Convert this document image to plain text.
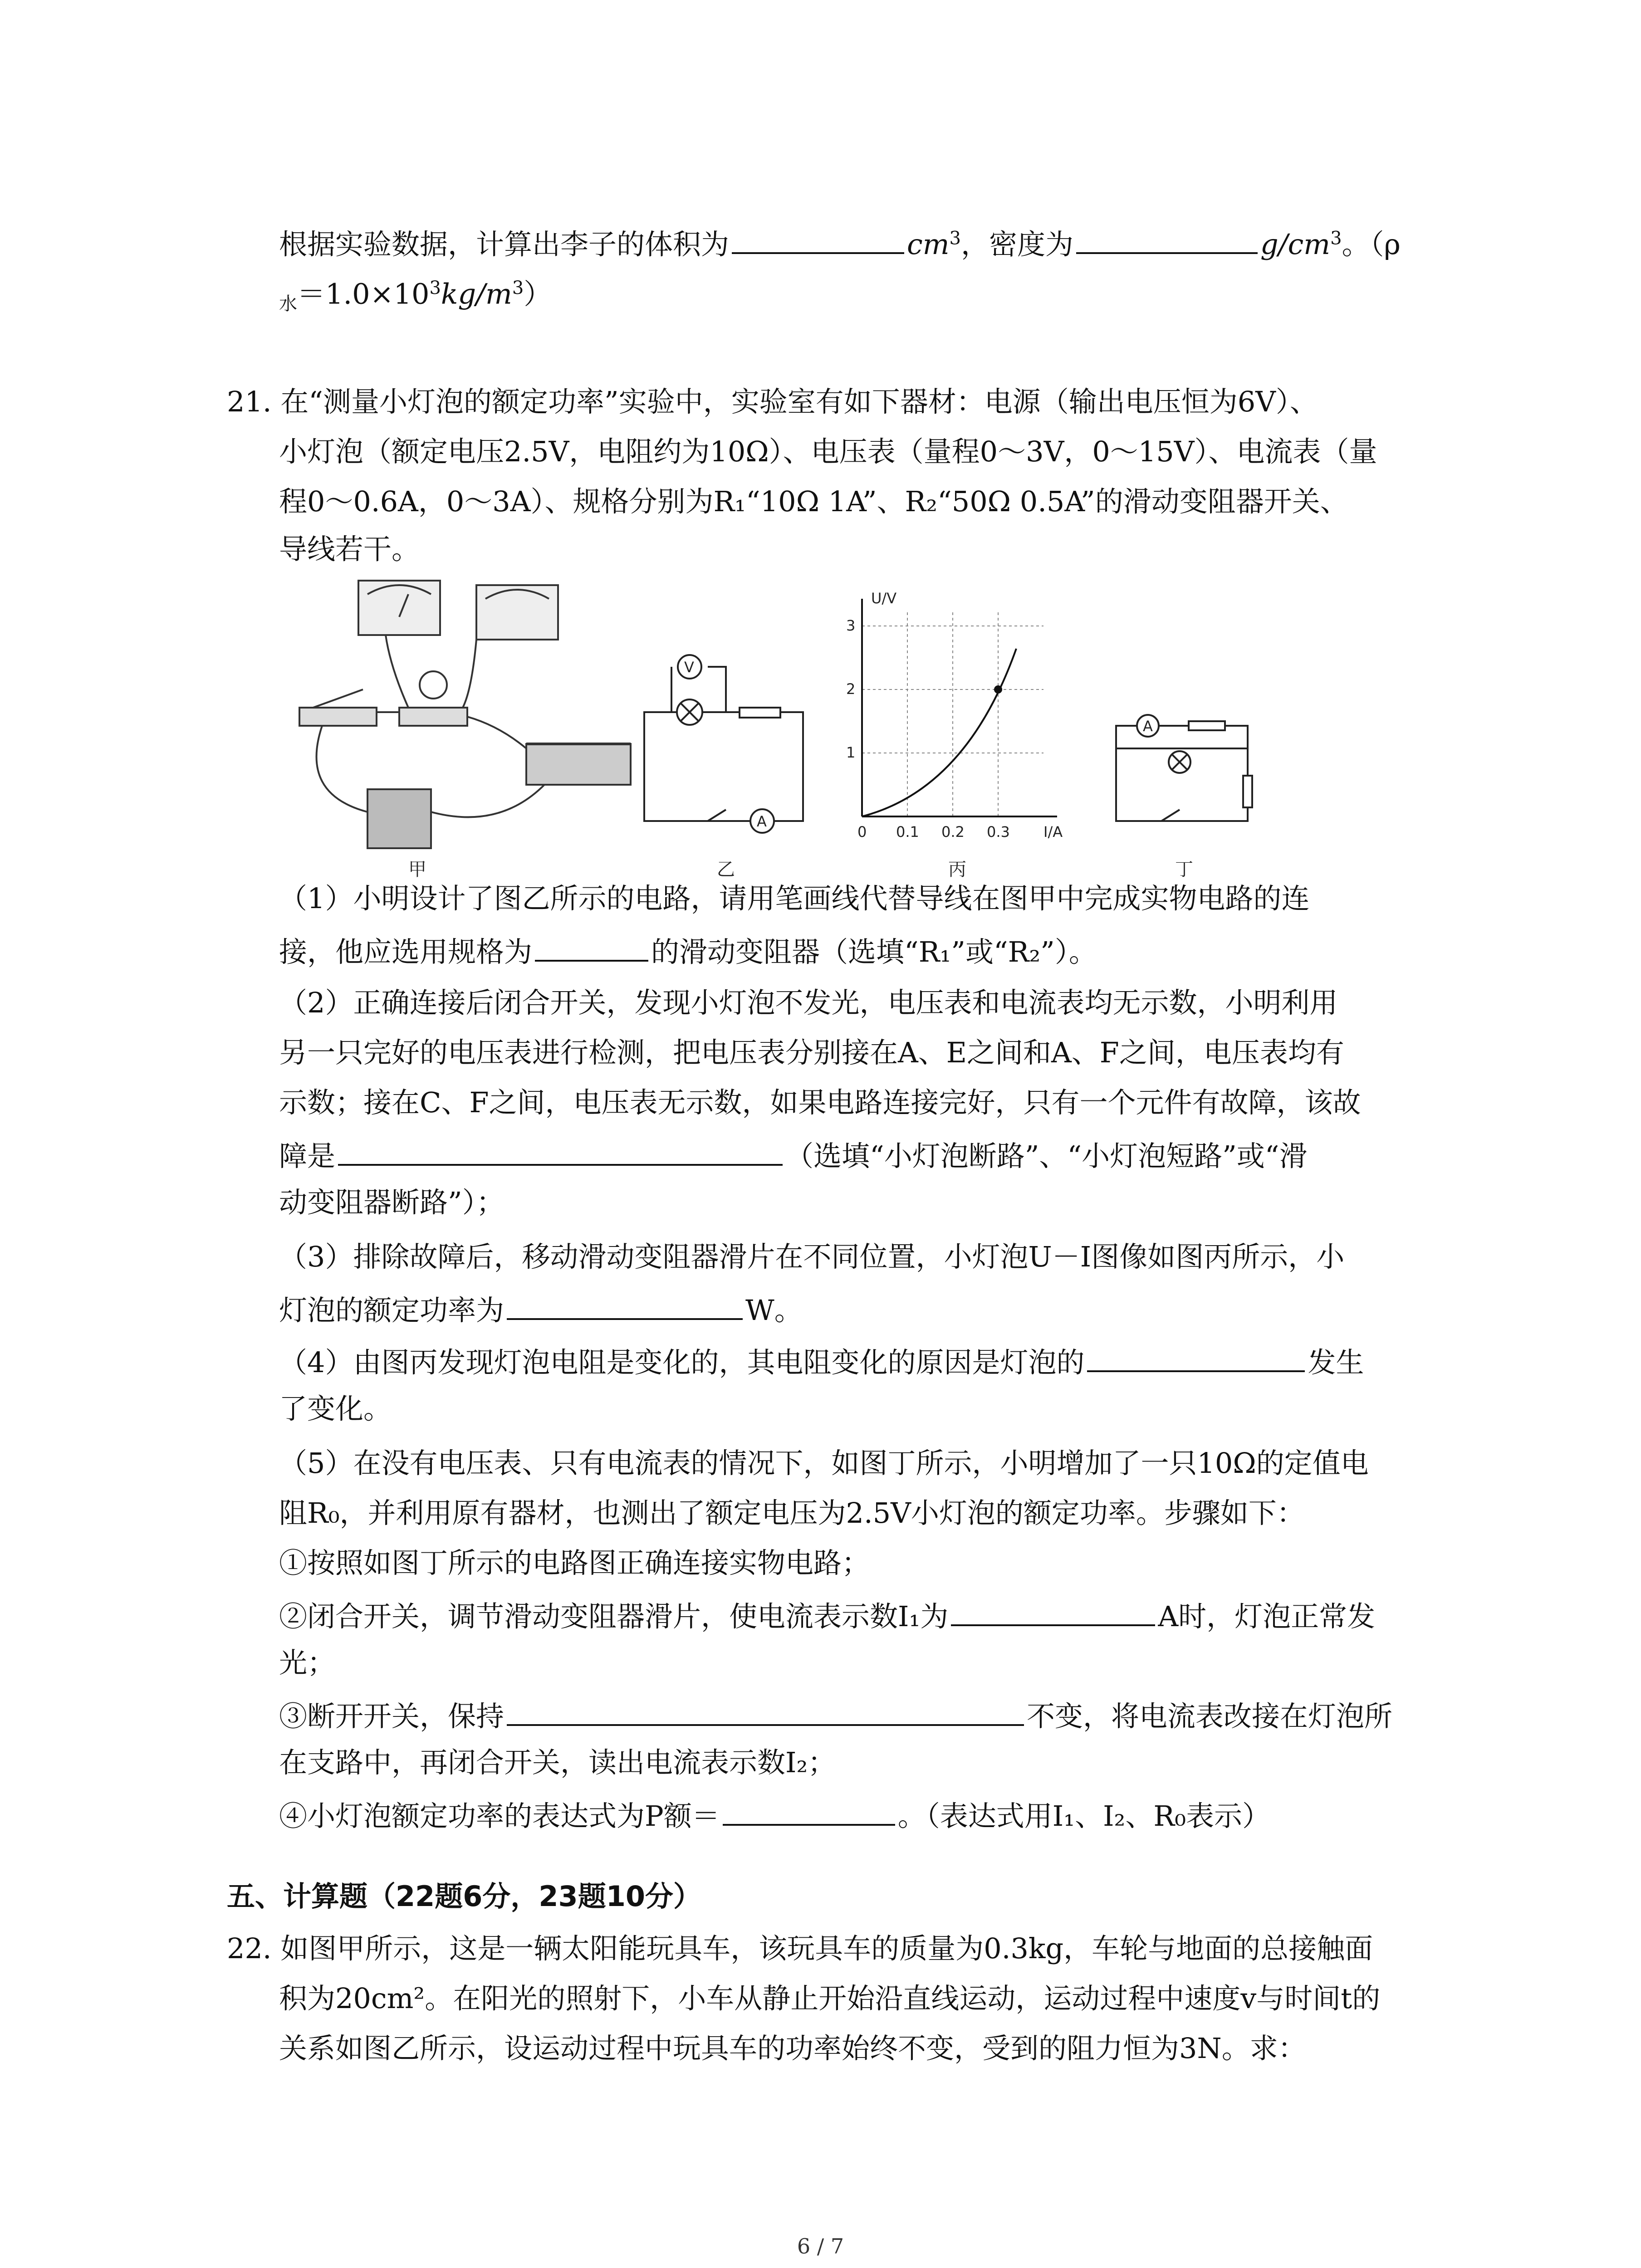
根据实验数据，计算出李子的体积为	$cm^3$，密度为	$g/cm^3$。（ρ
$_水=1.0\times 10^3kg/m^3$）
21. 在“测量小灯泡的额定功率”实验中，实验室有如下器材：电源（输出电压恒为6V）、
小灯泡（额定电压2.5V，电阻约为10Ω）、电压表（量程0～3V，0～15V）、电流表（量
程0～0.6A，0～3A）、规格分别为R₁“10Ω 1A”、R₂“50Ω 0.5A”的滑动变阻器开关、
导线若干。
甲
V
A
乙
U/V
I/A
1
2
3
0 0.1 0.2 0.3
丙
A
丁
（1）小明设计了图乙所示的电路，请用笔画线代替导线在图甲中完成实物电路的连
接，他应选用规格为	的滑动变阻器（选填“R₁”或“R₂”）。
（2）正确连接后闭合开关，发现小灯泡不发光，电压表和电流表均无示数，小明利用
另一只完好的电压表进行检测，把电压表分别接在A、E之间和A、F之间，电压表均有
示数；接在C、F之间，电压表无示数，如果电路连接完好，只有一个元件有故障，该故
障是	（选填“小灯泡断路”、“小灯泡短路”或“滑
动变阻器断路”）；
（3）排除故障后，移动滑动变阻器滑片在不同位置，小灯泡U－I图像如图丙所示，小
灯泡的额定功率为	W。
（4）由图丙发现灯泡电阻是变化的，其电阻变化的原因是灯泡的	发生
了变化。
（5）在没有电压表、只有电流表的情况下，如图丁所示，小明增加了一只10Ω的定值电
阻R₀，并利用原有器材，也测出了额定电压为2.5V小灯泡的额定功率。步骤如下：
①按照如图丁所示的电路图正确连接实物电路；
②闭合开关，调节滑动变阻器滑片，使电流表示数I₁为	A时，灯泡正常发
光；
③断开开关，保持	不变，将电流表改接在灯泡所
在支路中，再闭合开关，读出电流表示数I₂；
④小灯泡额定功率的表达式为P额＝	。（表达式用I₁、I₂、R₀表示）
五、计算题（22题6分，23题10分）
22. 如图甲所示，这是一辆太阳能玩具车，该玩具车的质量为0.3kg，车轮与地面的总接触面
积为20cm²。在阳光的照射下，小车从静止开始沿直线运动，运动过程中速度v与时间t的
关系如图乙所示，设运动过程中玩具车的功率始终不变，受到的阻力恒为3N。求：
6 / 7
